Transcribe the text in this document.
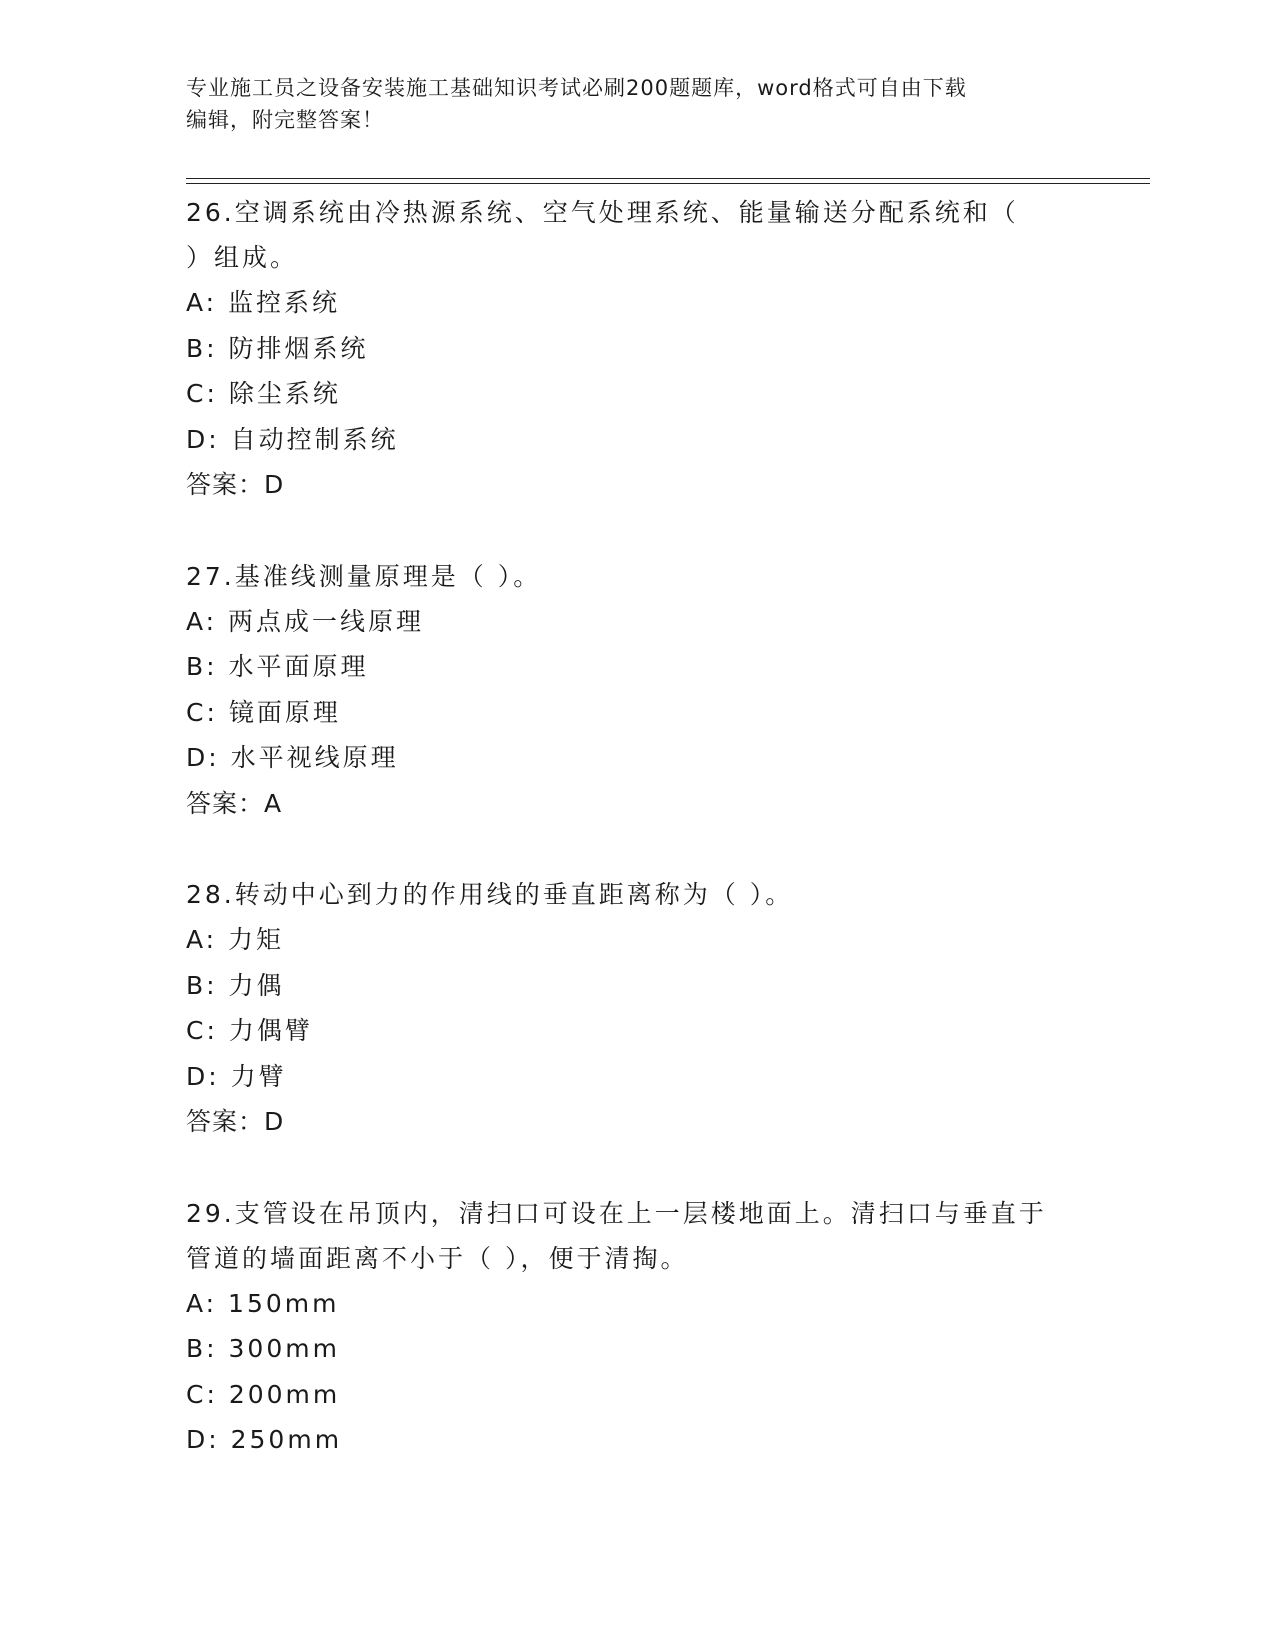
专业施工员之设备安装施工基础知识考试必刷200题题库，word格式可自由下载
编辑，附完整答案！

26.空调系统由冷热源系统、空气处理系统、能量输送分配系统和（

）组成。

A: 监控系统

B: 防排烟系统

C: 除尘系统

D: 自动控制系统

答案：D

27.基准线测量原理是（ ）。

A: 两点成一线原理

B: 水平面原理

C: 镜面原理

D: 水平视线原理

答案：A

28.转动中心到力的作用线的垂直距离称为（ ）。

A: 力矩

B: 力偶

C: 力偶臂

D: 力臂

答案：D

29.支管设在吊顶内，清扫口可设在上一层楼地面上。清扫口与垂直于

管道的墙面距离不小于（ ），便于清掏。

A: 150mm

B: 300mm

C: 200mm

D: 250mm
